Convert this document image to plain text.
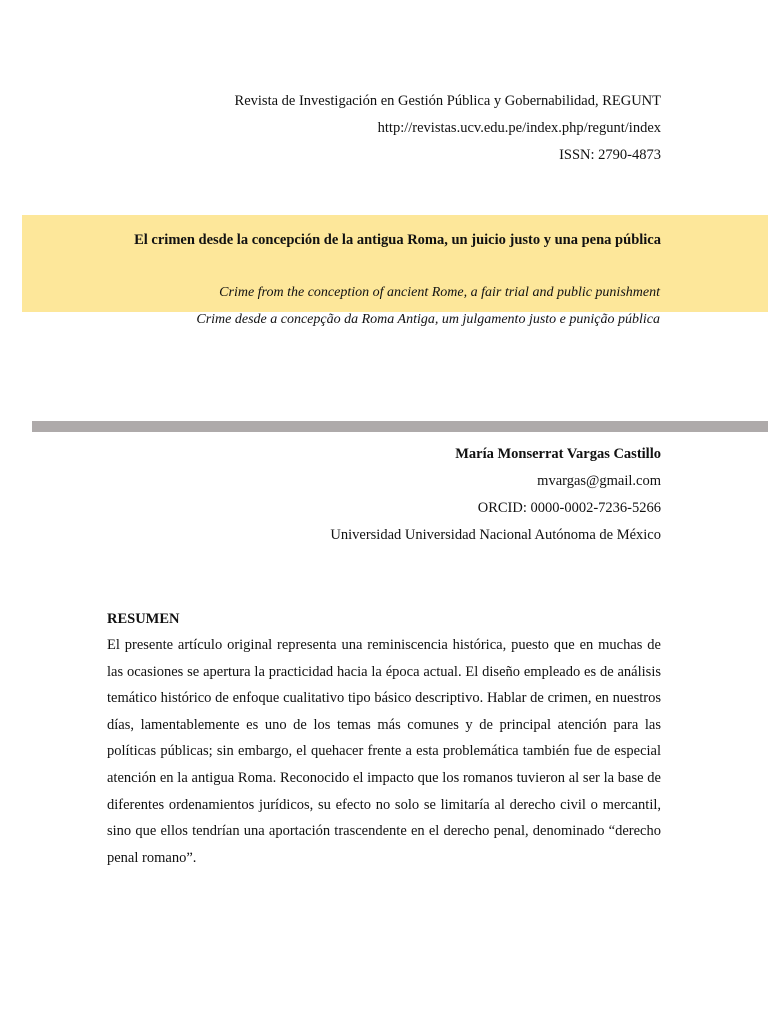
Revista de Investigación en Gestión Pública y Gobernabilidad, REGUNT
http://revistas.ucv.edu.pe/index.php/regunt/index
ISSN: 2790-4873
El crimen desde la concepción de la antigua Roma, un juicio justo y una pena pública
Crime from the conception of ancient Rome, a fair trial and public punishment
Crime desde a concepção da Roma Antiga, um julgamento justo e punição pública
María Monserrat Vargas Castillo
mvargas@gmail.com
ORCID: 0000-0002-7236-5266
Universidad Universidad Nacional Autónoma de México

RESUMEN

El presente artículo original representa una reminiscencia histórica, puesto que en muchas de las ocasiones se apertura la practicidad hacia la época actual. El diseño empleado es de análisis temático histórico de enfoque cualitativo tipo básico descriptivo. Hablar de crimen, en nuestros días, lamentablemente es uno de los temas más comunes y de principal atención para las políticas públicas; sin embargo, el quehacer frente a esta problemática también fue de especial atención en la antigua Roma. Reconocido el impacto que los romanos tuvieron al ser la base de diferentes ordenamientos jurídicos, su efecto no solo se limitaría al derecho civil o mercantil, sino que ellos tendrían una aportación trascendente en el derecho penal, denominado “derecho penal romano”.
